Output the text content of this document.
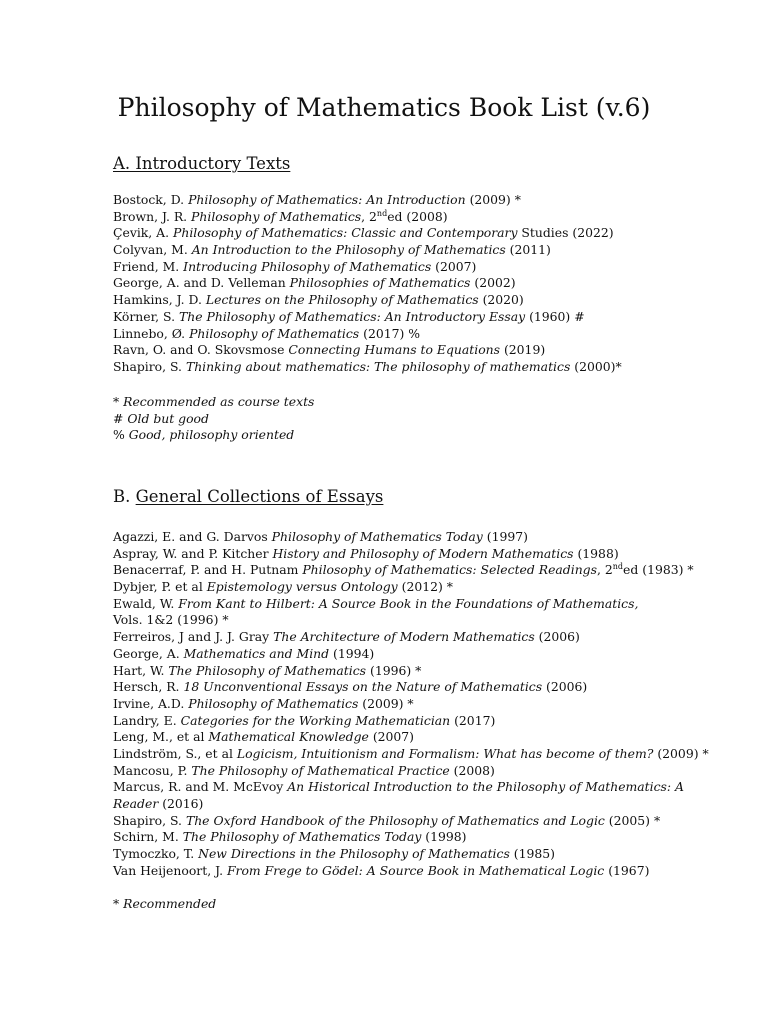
Philosophy of Mathematics Book List (v.6)
A. Introductory Texts
Bostock, D. Philosophy of Mathematics: An Introduction (2009) *
Brown, J. R. Philosophy of Mathematics, 2nded (2008)
Çevik, A. Philosophy of Mathematics: Classic and Contemporary Studies (2022)
Colyvan, M. An Introduction to the Philosophy of Mathematics (2011)
Friend, M. Introducing Philosophy of Mathematics (2007)
George, A. and D. Velleman Philosophies of Mathematics (2002)
Hamkins, J. D. Lectures on the Philosophy of Mathematics (2020)
Körner, S. The Philosophy of Mathematics: An Introductory Essay (1960) #
Linnebo, Ø. Philosophy of Mathematics (2017) %
Ravn, O. and O. Skovsmose Connecting Humans to Equations (2019)
Shapiro, S. Thinking about mathematics: The philosophy of mathematics (2000)*
* Recommended as course texts
# Old but good
% Good, philosophy oriented
B. General Collections of Essays
Agazzi, E. and G. Darvos Philosophy of Mathematics Today (1997)
Aspray, W. and P. Kitcher History and Philosophy of Modern Mathematics (1988)
Benacerraf, P. and H. Putnam Philosophy of Mathematics: Selected Readings, 2nded (1983) *
Dybjer, P. et al Epistemology versus Ontology (2012) *
Ewald, W. From Kant to Hilbert: A Source Book in the Foundations of Mathematics,
Vols. 1&2 (1996) *
Ferreiros, J and J. J. Gray The Architecture of Modern Mathematics (2006)
George, A. Mathematics and Mind (1994)
Hart, W. The Philosophy of Mathematics (1996) *
Hersch, R. 18 Unconventional Essays on the Nature of Mathematics (2006)
Irvine, A.D. Philosophy of Mathematics (2009) *
Landry, E. Categories for the Working Mathematician (2017)
Leng, M., et al Mathematical Knowledge (2007)
Lindström, S., et al Logicism, Intuitionism and Formalism: What has become of them? (2009) *
Mancosu, P. The Philosophy of Mathematical Practice (2008)
Marcus, R. and M. McEvoy An Historical Introduction to the Philosophy of Mathematics: A
Reader (2016)
Shapiro, S. The Oxford Handbook of the Philosophy of Mathematics and Logic (2005) *
Schirn, M. The Philosophy of Mathematics Today (1998)
Tymoczko, T. New Directions in the Philosophy of Mathematics (1985)
Van Heijenoort, J. From Frege to Gödel: A Source Book in Mathematical Logic (1967)
* Recommended
